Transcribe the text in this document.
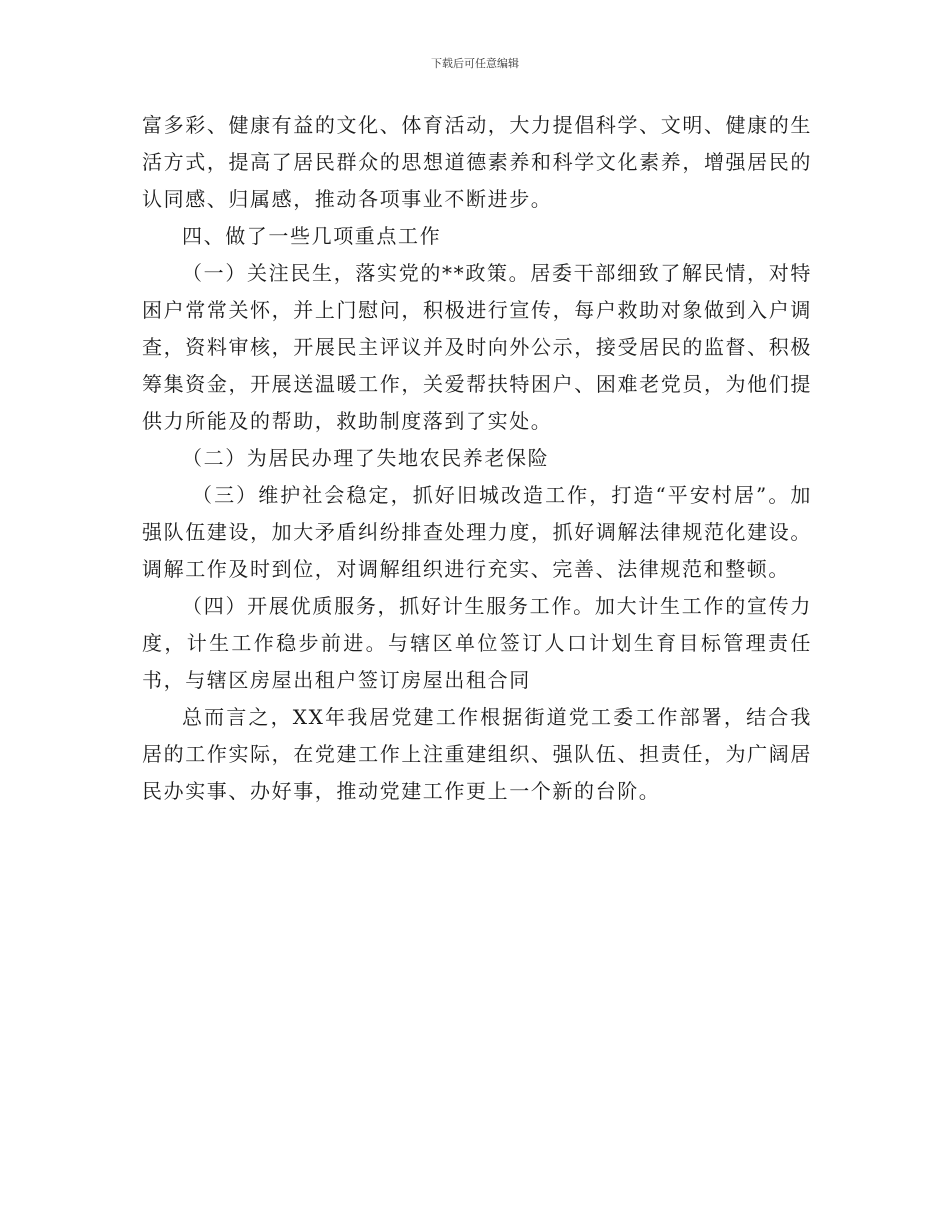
下载后可任意编辑

富多彩、健康有益的文化、体育活动，大力提倡科学、文明、健康的生活方式，提高了居民群众的思想道德素养和科学文化素养，增强居民的认同感、归属感，推动各项事业不断进步。

四、做了一些几项重点工作

（一）关注民生，落实党的**政策。居委干部细致了解民情，对特困户常常关怀，并上门慰问，积极进行宣传，每户救助对象做到入户调查，资料审核，开展民主评议并及时向外公示，接受居民的监督、积极筹集资金，开展送温暖工作，关爱帮扶特困户、困难老党员，为他们提供力所能及的帮助，救助制度落到了实处。

（二）为居民办理了失地农民养老保险

（三）维护社会稳定，抓好旧城改造工作，打造“平安村居”。加强队伍建设，加大矛盾纠纷排查处理力度，抓好调解法律规范化建设。调解工作及时到位，对调解组织进行充实、完善、法律规范和整顿。

（四）开展优质服务，抓好计生服务工作。加大计生工作的宣传力度，计生工作稳步前进。与辖区单位签订人口计划生育目标管理责任书，与辖区房屋出租户签订房屋出租合同

总而言之，XX年我居党建工作根据街道党工委工作部署，结合我居的工作实际，在党建工作上注重建组织、强队伍、担责任，为广阔居民办实事、办好事，推动党建工作更上一个新的台阶。
